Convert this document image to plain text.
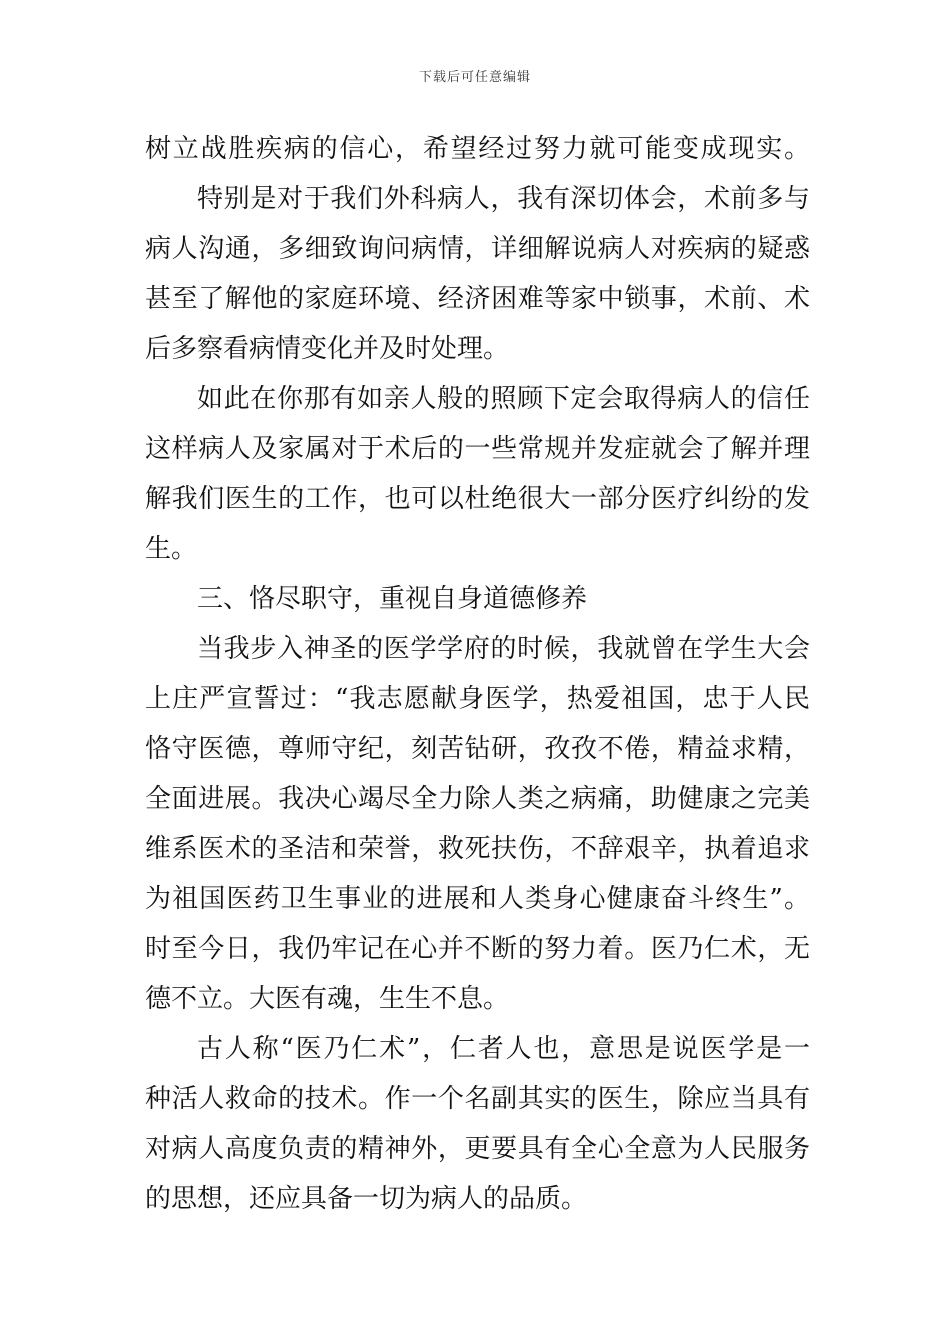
下载后可任意编辑
树立战胜疾病的信心，希望经过努力就可能变成现实。
特别是对于我们外科病人，我有深切体会，术前多与
病人沟通，多细致询问病情，详细解说病人对疾病的疑惑
甚至了解他的家庭环境、经济困难等家中锁事，术前、术
后多察看病情变化并及时处理。
如此在你那有如亲人般的照顾下定会取得病人的信任
这样病人及家属对于术后的一些常规并发症就会了解并理
解我们医生的工作，也可以杜绝很大一部分医疗纠纷的发
生。
三、恪尽职守，重视自身道德修养
当我步入神圣的医学学府的时候，我就曾在学生大会
上庄严宣誓过：“我志愿献身医学，热爱祖国，忠于人民
恪守医德，尊师守纪，刻苦钻研，孜孜不倦，精益求精，
全面进展。我决心竭尽全力除人类之病痛，助健康之完美
维系医术的圣洁和荣誉，救死扶伤，不辞艰辛，执着追求
为祖国医药卫生事业的进展和人类身心健康奋斗终生”。
时至今日，我仍牢记在心并不断的努力着。医乃仁术，无
德不立。大医有魂，生生不息。
古人称“医乃仁术”，仁者人也，意思是说医学是一
种活人救命的技术。作一个名副其实的医生，除应当具有
对病人高度负责的精神外，更要具有全心全意为人民服务
的思想，还应具备一切为病人的品质。
